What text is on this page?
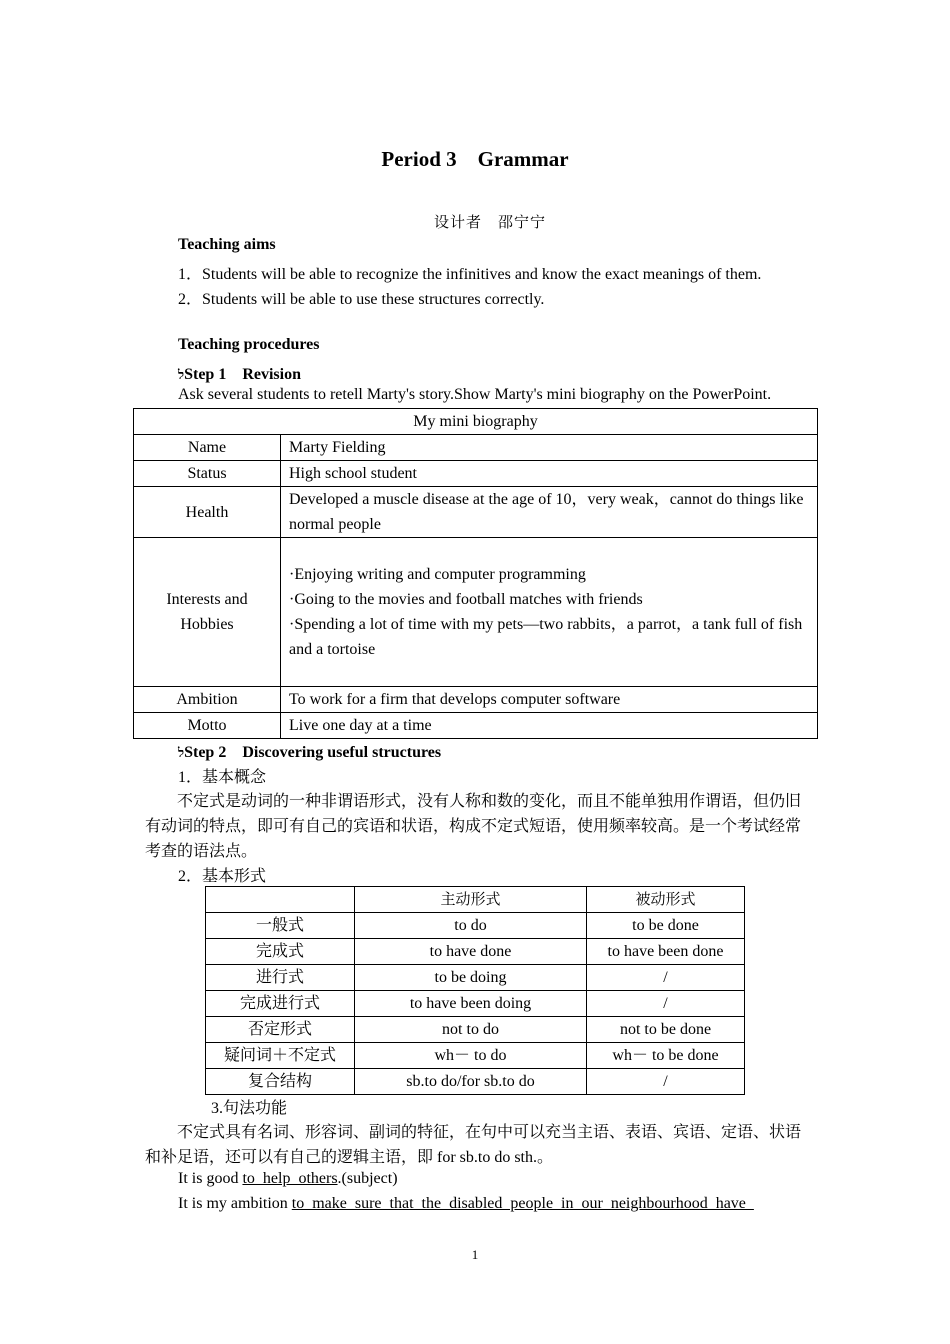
Period 3　Grammar
设计者　邵宁宁
Teaching aims
1．Students will be able to recognize the infinitives and know the exact meanings of them.
2．Students will be able to use these structures correctly.
Teaching procedures
לStep 1　Revision
Ask several students to retell Marty's story.Show Marty's mini biography on the PowerPoint.
My mini biography	
Name	Marty Fielding
Status	High school student
Health	Developed a muscle disease at the age of 10，very weak，cannot do things like normal people
Interests and Hobbies	·Enjoying writing and computer programming
·Going to the movies and football matches with friends
·Spending a lot of time with my pets—two rabbits，a parrot，a tank full of fish and a tortoise

Ambition	To work for a firm that develops computer software
Motto	Live one day at a time
לStep 2　Discovering useful structures
1．基本概念
不定式是动词的一种非谓语形式，没有人称和数的变化，而且不能单独用作谓语，但仍旧有动词的特点，即可有自己的宾语和状语，构成不定式短语，使用频率较高。是一个考试经常考查的语法点。
2．基本形式
	主动形式	被动形式
一般式	to do	to be done
完成式	to have done	to have been done
进行式	to be doing	/
完成进行式	to have been doing	/
否定形式	not to do	not to be done
疑问词＋不定式	wh－ to do	wh－ to be done
复合结构	sb.to do/for sb.to do	/
3.句法功能
不定式具有名词、形容词、副词的特征，在句中可以充当主语、表语、宾语、定语、状语和补足语，还可以有自己的逻辑主语，即 for sb.to do sth.。
It is good to  help  others.(subject)
It is my ambition to  make  sure  that  the  disabled  people  in  our  neighbourhood  have
1
